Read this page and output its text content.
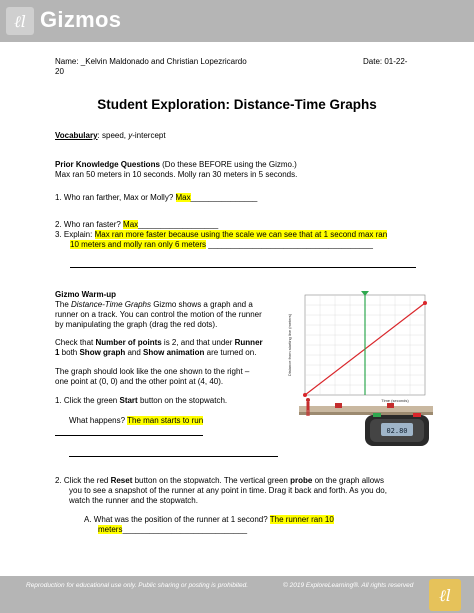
ℓl Gizmos
Name: _Kelvin Maldonado and Christian Lopezricardo	Date: 01-22-
20
Student Exploration: Distance-Time Graphs
Vocabulary: speed, y-intercept
Prior Knowledge Questions (Do these BEFORE using the Gizmo.)
Max ran 50 meters in 10 seconds. Molly ran 30 meters in 5 seconds.
1. Who ran farther, Max or Molly? Max_______________
2. Who ran faster? Max__________________
3. Explain: Max ran more faster because using the scale we can see that at 1 second max ran
10 meters and molly ran only 6 meters _____________________________________
Gizmo Warm-up
The Distance-Time Graphs Gizmo shows a graph and a
runner on a track. You can control the motion of the runner
by manipulating the graph (drag the red dots).
Check that Number of points is 2, and that under Runner
1 both Show graph and Show animation are turned on.
The graph should look like the one shown to the right –
one point at (0, 0) and the other point at (4, 40).
1. Click the green Start button on the stopwatch.
What happens? The man starts to run
2. Click the red Reset button on the stopwatch. The vertical green probe on the graph allows
you to see a snapshot of the runner at any point in time. Drag it back and forth. As you do,
watch the runner and the stopwatch.
A. What was the position of the runner at 1 second? The runner ran 10
meters____________________________
Distance from starting line (meters)
Time (seconds)
02.80
Reproduction for educational use only. Public sharing or posting is prohibited.	© 2019 ExploreLearning®. All rights reserved
ℓl
